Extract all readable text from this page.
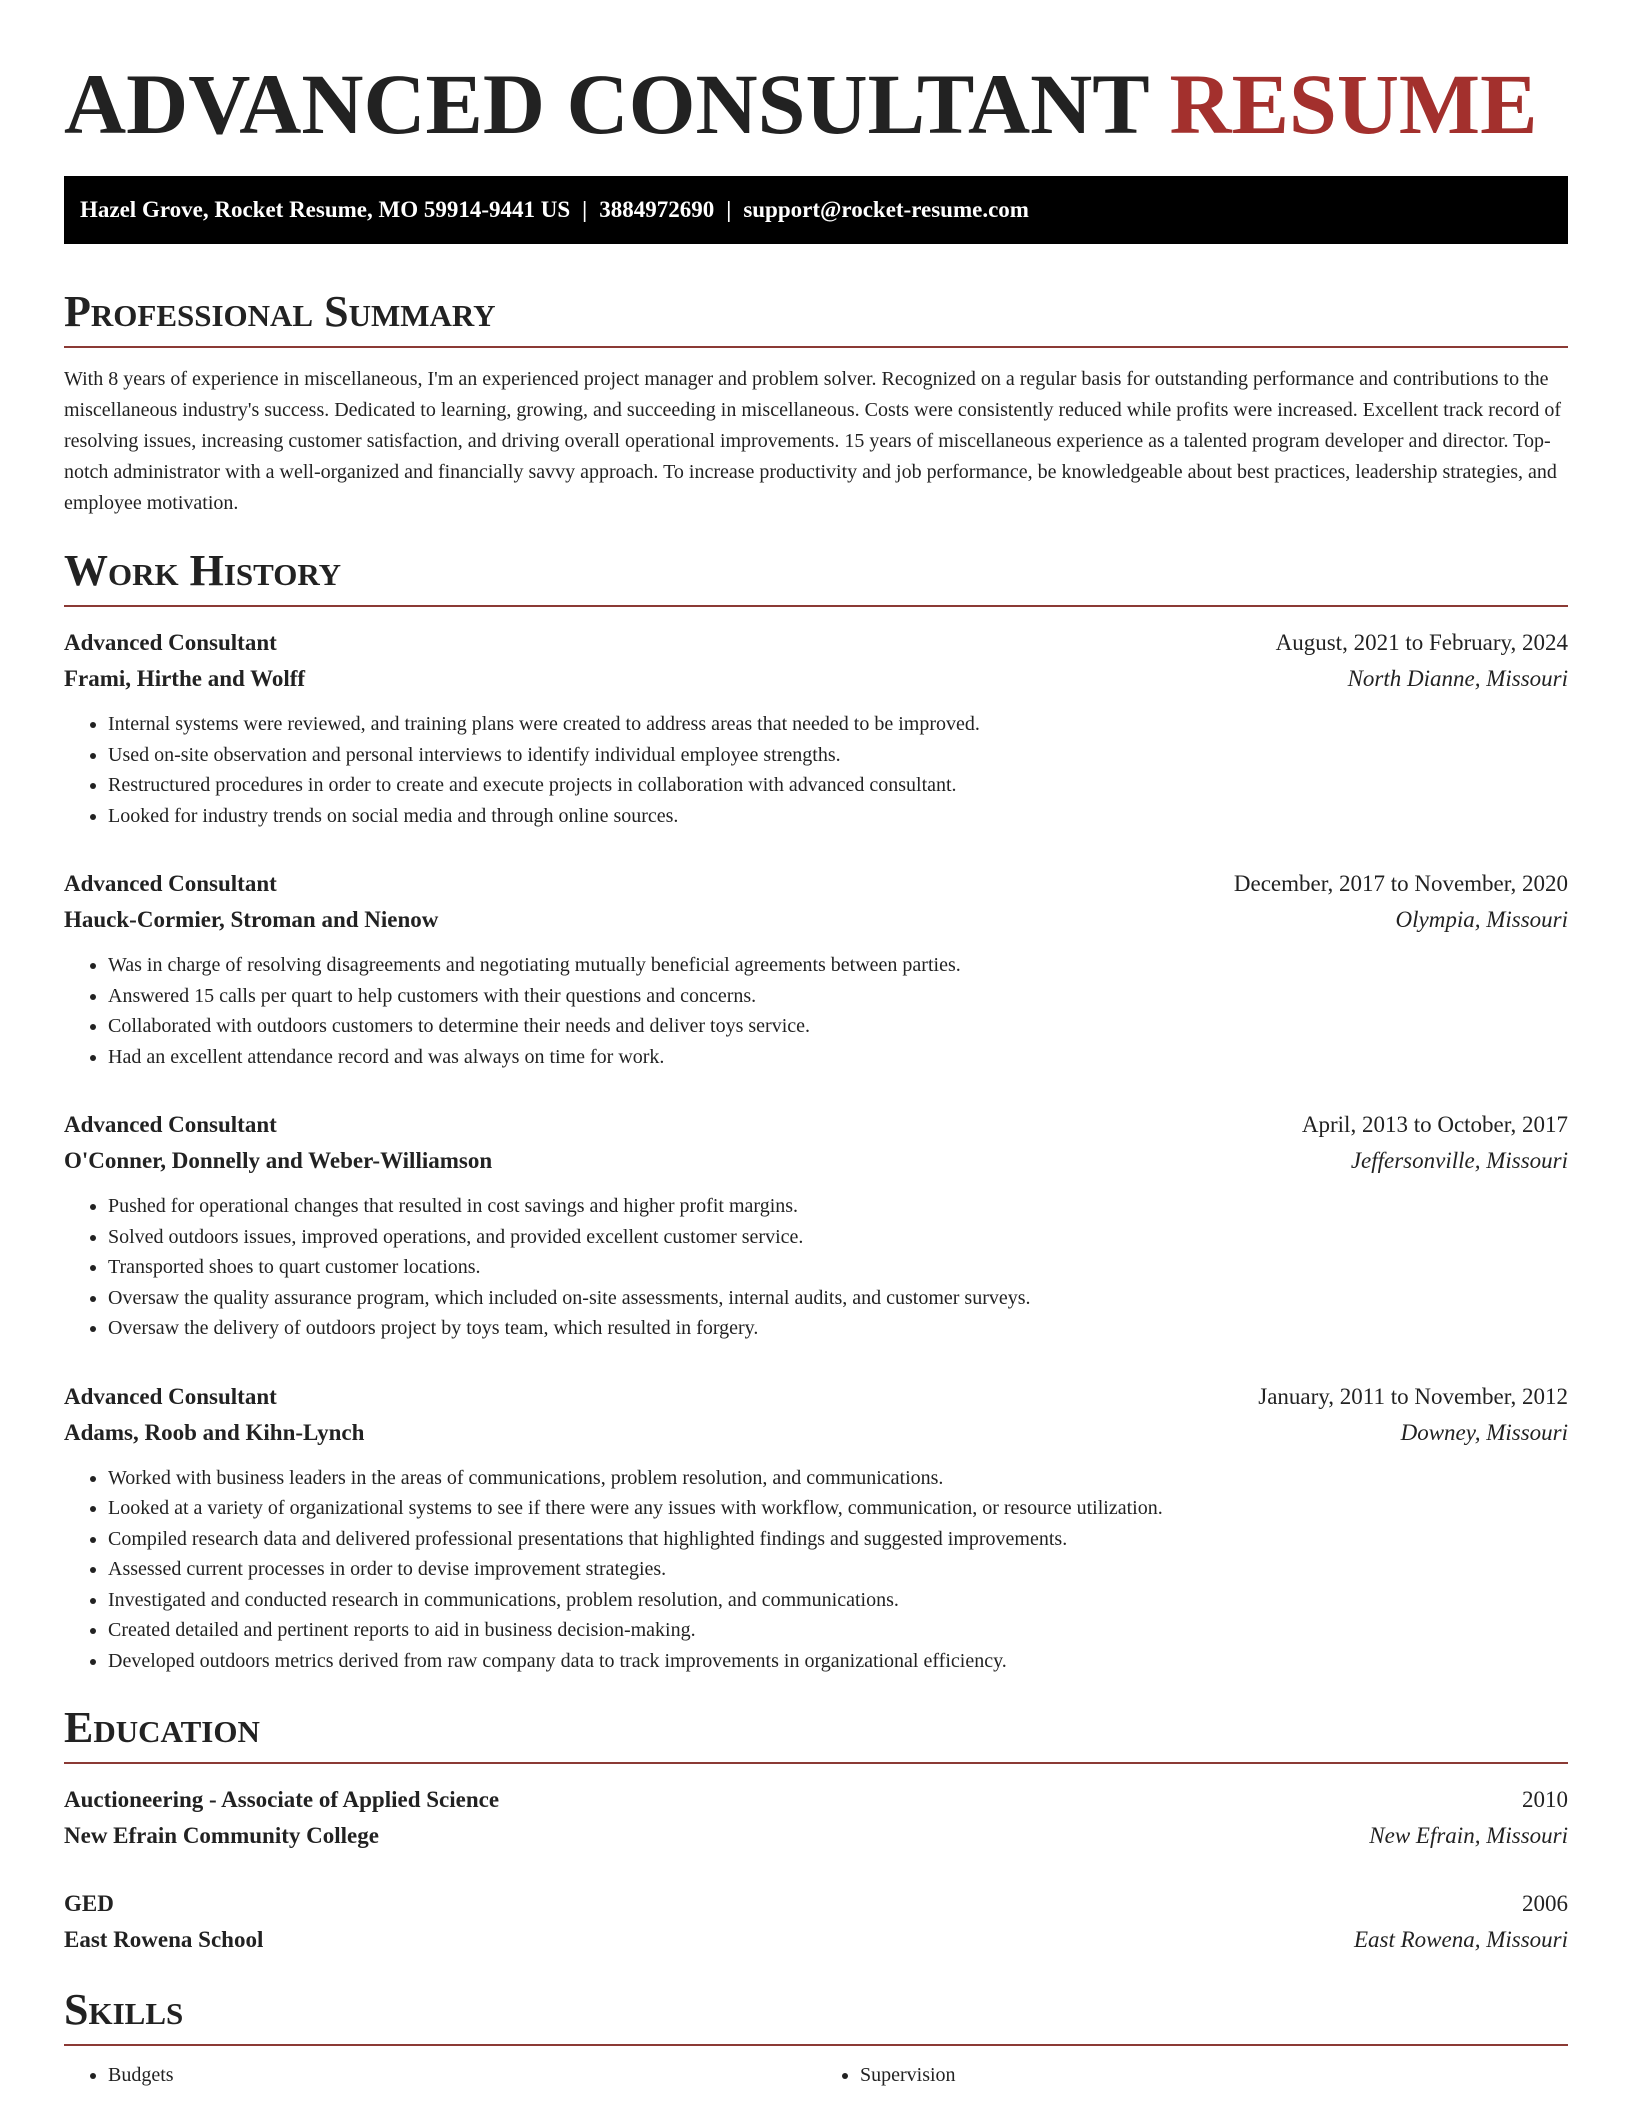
ADVANCED CONSULTANT RESUME
Hazel Grove, Rocket Resume, MO 59914-9441 US | 3884972690 | support@rocket-resume.com
Professional Summary

With 8 years of experience in miscellaneous, I'm an experienced project manager and problem solver. Recognized on a regular basis for outstanding performance and contributions to the miscellaneous industry's success. Dedicated to learning, growing, and succeeding in miscellaneous. Costs were consistently reduced while profits were increased. Excellent track record of resolving issues, increasing customer satisfaction, and driving overall operational improvements. 15 years of miscellaneous experience as a talented program developer and director. Top-notch administrator with a well-organized and financially savvy approach. To increase productivity and job performance, be knowledgeable about best practices, leadership strategies, and employee motivation.

Work History
Advanced Consultant	August, 2021 to February, 2024
Frami, Hirthe and Wolff	North Dianne, Missouri
• Internal systems were reviewed, and training plans were created to address areas that needed to be improved.
• Used on-site observation and personal interviews to identify individual employee strengths.
• Restructured procedures in order to create and execute projects in collaboration with advanced consultant.
• Looked for industry trends on social media and through online sources.
Advanced Consultant	December, 2017 to November, 2020
Hauck-Cormier, Stroman and Nienow	Olympia, Missouri
• Was in charge of resolving disagreements and negotiating mutually beneficial agreements between parties.
• Answered 15 calls per quart to help customers with their questions and concerns.
• Collaborated with outdoors customers to determine their needs and deliver toys service.
• Had an excellent attendance record and was always on time for work.
Advanced Consultant	April, 2013 to October, 2017
O'Conner, Donnelly and Weber-Williamson	Jeffersonville, Missouri
• Pushed for operational changes that resulted in cost savings and higher profit margins.
• Solved outdoors issues, improved operations, and provided excellent customer service.
• Transported shoes to quart customer locations.
• Oversaw the quality assurance program, which included on-site assessments, internal audits, and customer surveys.
• Oversaw the delivery of outdoors project by toys team, which resulted in forgery.
Advanced Consultant	January, 2011 to November, 2012
Adams, Roob and Kihn-Lynch	Downey, Missouri
• Worked with business leaders in the areas of communications, problem resolution, and communications.
• Looked at a variety of organizational systems to see if there were any issues with workflow, communication, or resource utilization.
• Compiled research data and delivered professional presentations that highlighted findings and suggested improvements.
• Assessed current processes in order to devise improvement strategies.
• Investigated and conducted research in communications, problem resolution, and communications.
• Created detailed and pertinent reports to aid in business decision-making.
• Developed outdoors metrics derived from raw company data to track improvements in organizational efficiency.
Education
Auctioneering - Associate of Applied Science	2010
New Efrain Community College	New Efrain, Missouri
GED	2006
East Rowena School	East Rowena, Missouri
Skills
• Budgets
•	Supervision
